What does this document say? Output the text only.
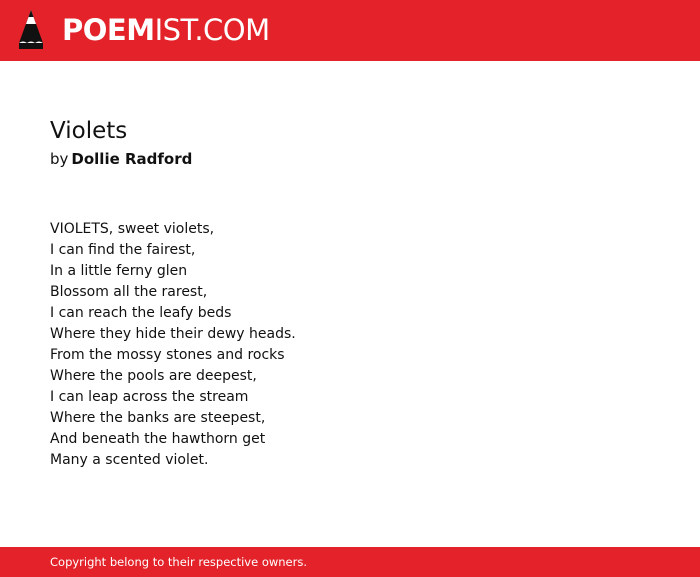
POEMIST.COM
Violets
by Dollie Radford
VIOLETS, sweet violets,
I can find the fairest,
In a little ferny glen
Blossom all the rarest,
I can reach the leafy beds
Where they hide their dewy heads.
From the mossy stones and rocks
Where the pools are deepest,
I can leap across the stream
Where the banks are steepest,
And beneath the hawthorn get
Many a scented violet.
Copyright belong to their respective owners.
